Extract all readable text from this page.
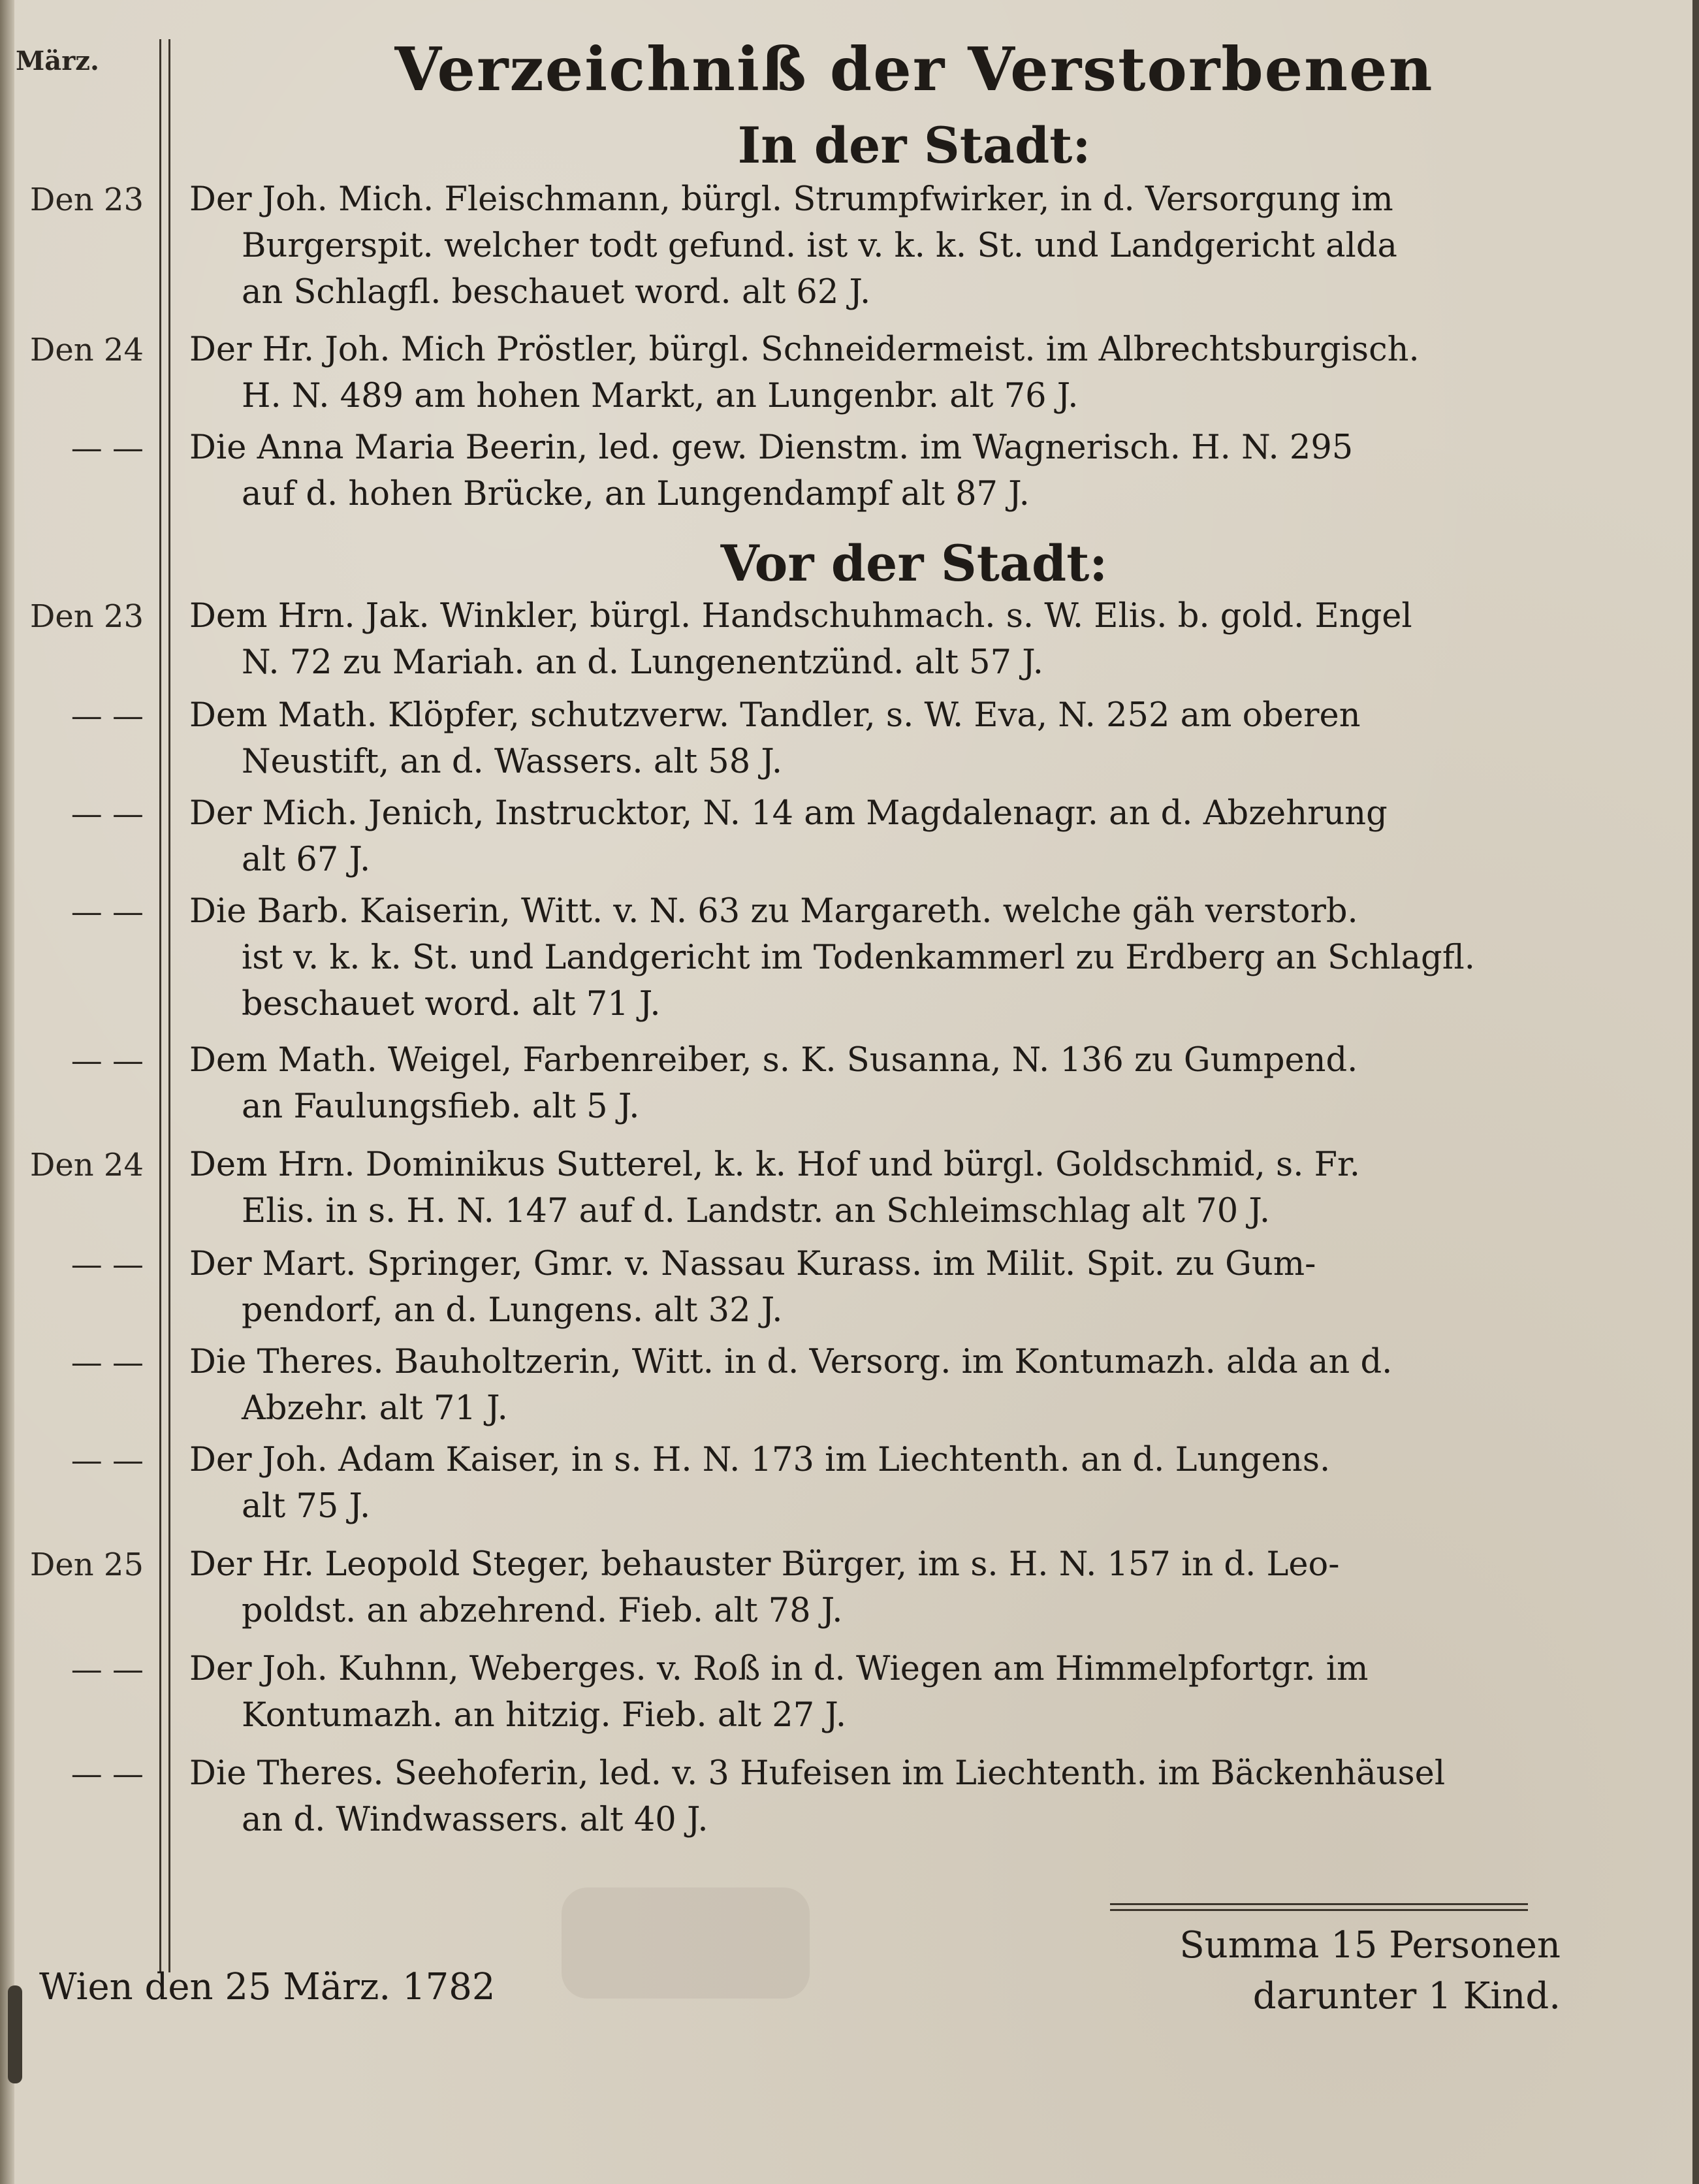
März.	Verzeichniß der Verstorbenen
In der Stadt:
Den 23 Der Joh. Mich. Fleischmann, bürgl. Strumpfwirker, in d. Versorgung im
Burgerspit. welcher todt gefund. ist v. k. k. St. und Landgericht alda
an Schlagfl. beschauet word. alt 62 J.
Den 24 Der Hr. Joh. Mich Pröstler, bürgl. Schneidermeist. im Albrechtsburgisch.
H. N. 489 am hohen Markt, an Lungenbr. alt 76 J.
— — Die Anna Maria Beerin, led. gew. Dienstm. im Wagnerisch. H. N. 295
auf d. hohen Brücke, an Lungendampf alt 87 J.
Vor der Stadt:
Den 23 Dem Hrn. Jak. Winkler, bürgl. Handschuhmach. s. W. Elis. b. gold. Engel
N. 72 zu Mariah. an d. Lungenentzünd. alt 57 J.
— — Dem Math. Klöpfer, schutzverw. Tandler, s. W. Eva, N. 252 am oberen
Neustift, an d. Wassers. alt 58 J.
— — Der Mich. Jenich, Instrucktor, N. 14 am Magdalenagr. an d. Abzehrung
alt 67 J.
— — Die Barb. Kaiserin, Witt. v. N. 63 zu Margareth. welche gäh verstorb.
ist v. k. k. St. und Landgericht im Todenkammerl zu Erdberg an Schlagfl.
beschauet word. alt 71 J.
— — Dem Math. Weigel, Farbenreiber, s. K. Susanna, N. 136 zu Gumpend.
an Faulungsfieb. alt 5 J.
Den 24 Dem Hrn. Dominikus Sutterel, k. k. Hof und bürgl. Goldschmid, s. Fr.
Elis. in s. H. N. 147 auf d. Landstr. an Schleimschlag alt 70 J.
— — Der Mart. Springer, Gmr. v. Nassau Kurass. im Milit. Spit. zu Gum-
pendorf, an d. Lungens. alt 32 J.
— — Die Theres. Bauholtzerin, Witt. in d. Versorg. im Kontumazh. alda an d.
Abzehr. alt 71 J.
— — Der Joh. Adam Kaiser, in s. H. N. 173 im Liechtenth. an d. Lungens.
alt 75 J.
Den 25 Der Hr. Leopold Steger, behauster Bürger, im s. H. N. 157 in d. Leo-
poldst. an abzehrend. Fieb. alt 78 J.
— — Der Joh. Kuhnn, Weberges. v. Roß in d. Wiegen am Himmelpfortgr. im
Kontumazh. an hitzig. Fieb. alt 27 J.
— — Die Theres. Seehoferin, led. v. 3 Hufeisen im Liechtenth. im Bäckenhäusel
an d. Windwassers. alt 40 J.
Wien den 25 März. 1782
Summa 15 Personen
darunter 1 Kind.
